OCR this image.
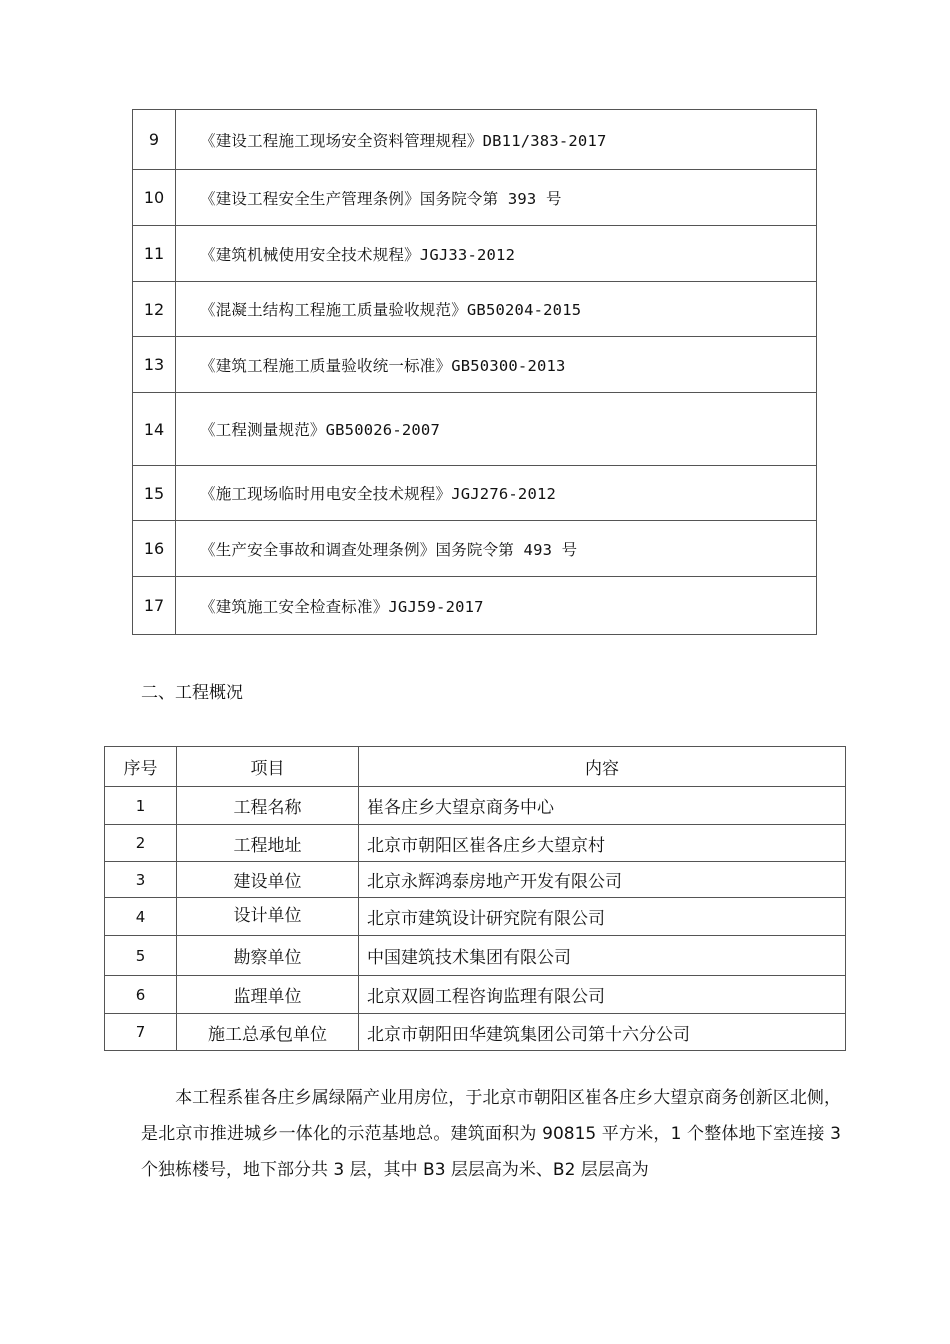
9	《建设工程施工现场安全资料管理规程》DB11/383-2017
10	《建设工程安全生产管理条例》国务院令第 393 号
11	《建筑机械使用安全技术规程》JGJ33-2012
12	《混凝土结构工程施工质量验收规范》GB50204-2015
13	《建筑工程施工质量验收统一标准》GB50300-2013
14	《工程测量规范》GB50026-2007
15	《施工现场临时用电安全技术规程》JGJ276-2012
16	《生产安全事故和调查处理条例》国务院令第 493 号
17	《建筑施工安全检查标准》JGJ59-2017
二、工程概况
序号	项目	内容
1	工程名称	崔各庄乡大望京商务中心
2	工程地址	北京市朝阳区崔各庄乡大望京村
3	建设单位	北京永辉鸿泰房地产开发有限公司
4	设计单位	北京市建筑设计研究院有限公司
5	勘察单位	中国建筑技术集团有限公司
6	监理单位	北京双圆工程咨询监理有限公司
7	施工总承包单位	北京市朝阳田华建筑集团公司第十六分公司
本工程系崔各庄乡属绿隔产业用房位，于北京市朝阳区崔各庄乡大望京商务创新区北侧，是北京市推进城乡一体化的示范基地总。建筑面积为 90815 平方米，1 个整体地下室连接 3 个独栋楼号，地下部分共 3 层，其中 B3 层层高为米、B2 层层高为
